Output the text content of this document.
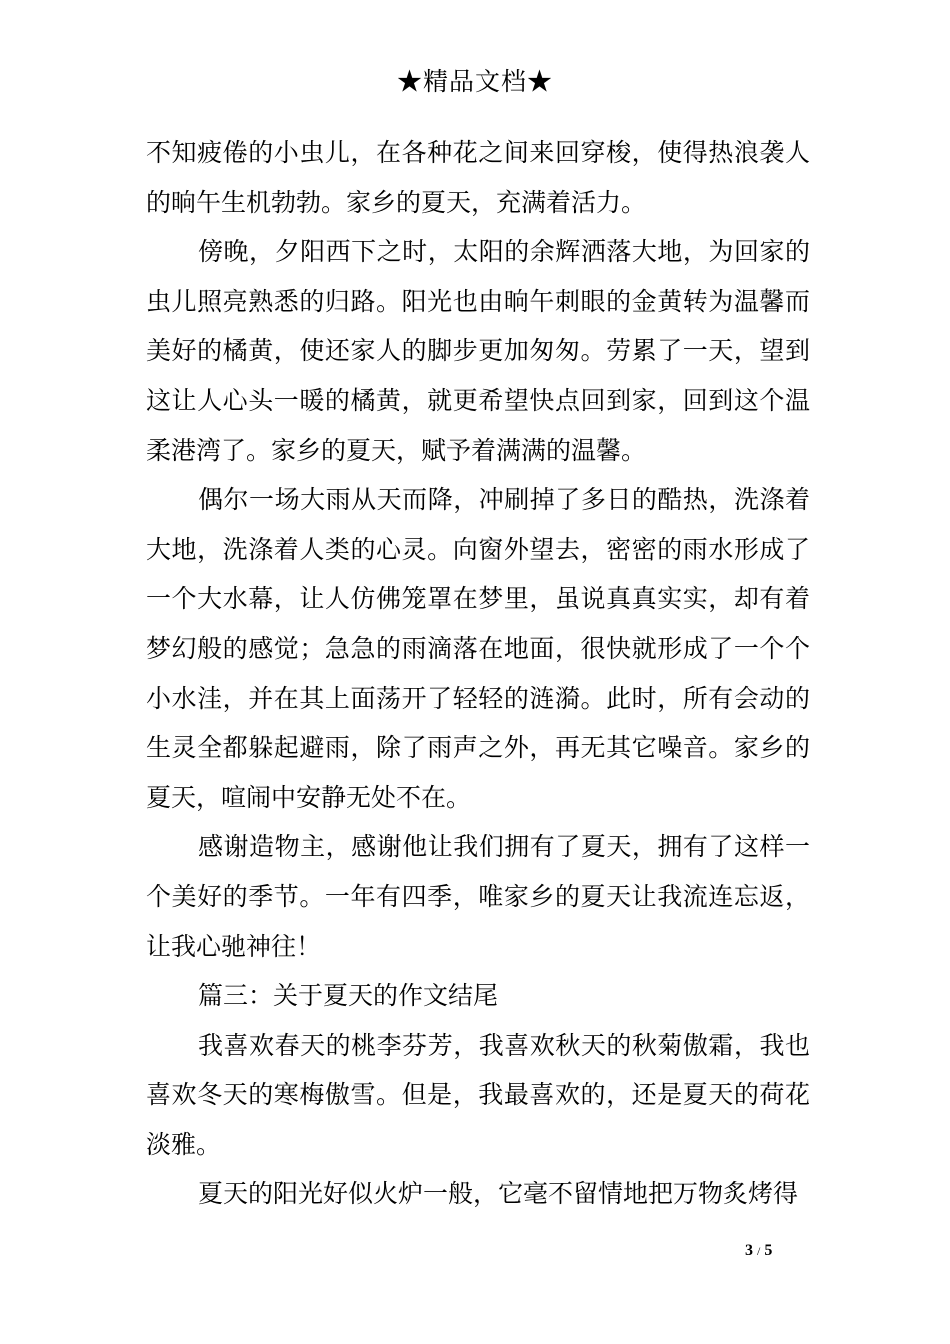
★精品文档★

不知疲倦的小虫儿，在各种花之间来回穿梭，使得热浪袭人的晌午生机勃勃。家乡的夏天，充满着活力。

傍晚，夕阳西下之时，太阳的余辉洒落大地，为回家的虫儿照亮熟悉的归路。阳光也由晌午刺眼的金黄转为温馨而美好的橘黄，使还家人的脚步更加匆匆。劳累了一天，望到这让人心头一暖的橘黄，就更希望快点回到家，回到这个温柔港湾了。家乡的夏天，赋予着满满的温馨。

偶尔一场大雨从天而降，冲刷掉了多日的酷热，洗涤着大地，洗涤着人类的心灵。向窗外望去，密密的雨水形成了一个大水幕，让人仿佛笼罩在梦里，虽说真真实实，却有着梦幻般的感觉；急急的雨滴落在地面，很快就形成了一个个小水洼，并在其上面荡开了轻轻的涟漪。此时，所有会动的生灵全都躲起避雨，除了雨声之外，再无其它噪音。家乡的夏天，喧闹中安静无处不在。

感谢造物主，感谢他让我们拥有了夏天，拥有了这样一个美好的季节。一年有四季，唯家乡的夏天让我流连忘返，让我心驰神往！

篇三：关于夏天的作文结尾

我喜欢春天的桃李芬芳，我喜欢秋天的秋菊傲霜，我也喜欢冬天的寒梅傲雪。但是，我最喜欢的，还是夏天的荷花淡雅。

夏天的阳光好似火炉一般，它毫不留情地把万物炙烤得

3 / 5
